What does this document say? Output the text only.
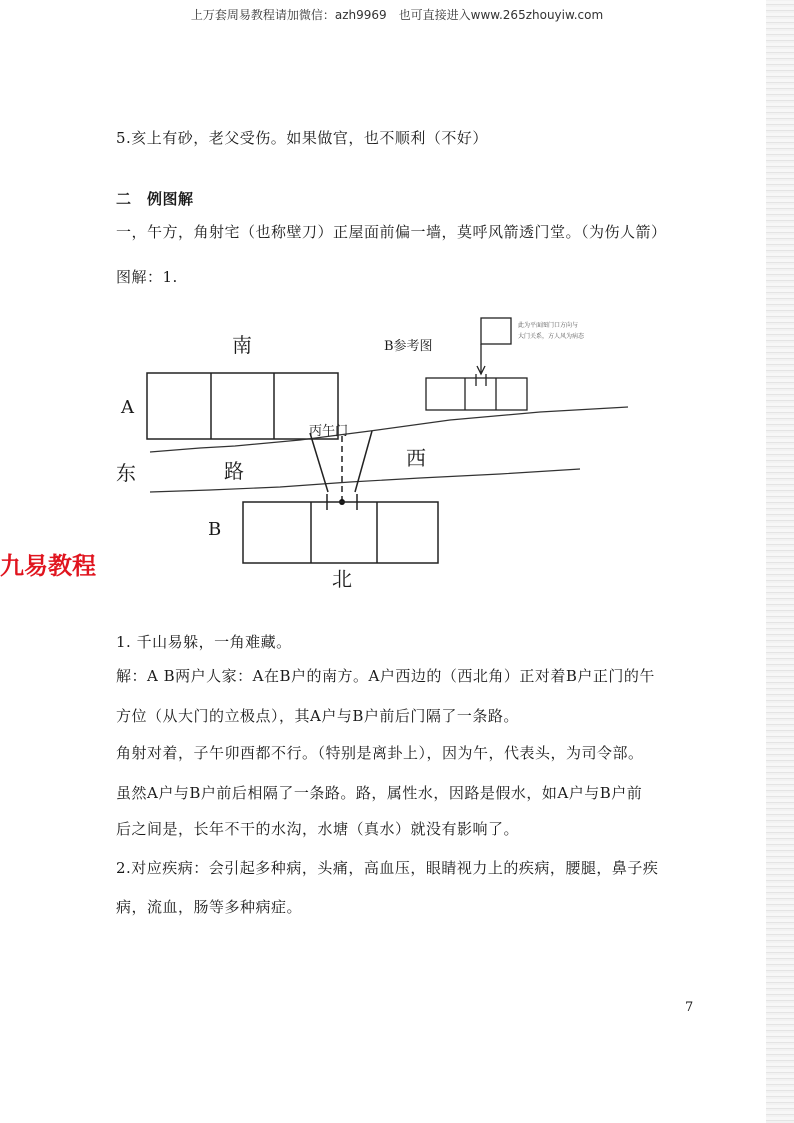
上万套周易教程请加微信：azh9969　也可直接进入www.265zhouyiw.com
5.亥上有砂，老父受伤。如果做官，也不顺利（不好）
二　例图解
一，午方，角射宅（也称壁刀）正屋面前偏一墙，莫呼风箭透门堂。（为伤人箭）
图解：1.
南	B参考图
此为平面图门口方向与
大门关系，方人风为病态
A
丙午门
东	路
西
B
北
九易教程
1. 千山易躲，一角难藏。
解：A B两户人家：A在B户的南方。A户西边的（西北角）正对着B户正门的午
方位（从大门的立极点），其A户与B户前后门隔了一条路。
角射对着，子午卯酉都不行。（特别是离卦上），因为午，代表头，为司令部。
虽然A户与B户前后相隔了一条路。路，属性水，因路是假水，如A户与B户前
后之间是，长年不干的水沟，水塘（真水）就没有影响了。
2.对应疾病：会引起多种病，头痛，高血压，眼睛视力上的疾病，腰腿，鼻子疾
病，流血，肠等多种病症。
7
